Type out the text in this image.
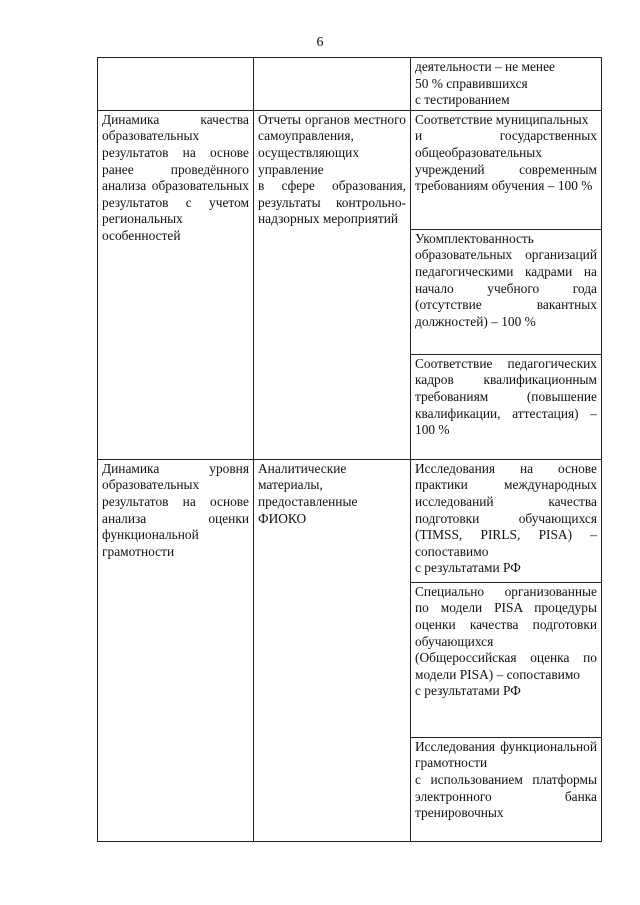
6

		деятельности – не менее
50 % справившихся
с тестированием

Динамика качества образовательных результатов на основе ранее проведённого анализа образовательных результатов с учетом региональных особенностей	Отчеты органов местного самоуправления, осуществляющих управление
в сфере образования, результаты контрольно-надзорных мероприятий	Соответствие муниципальных
и государственных общеобразовательных учреждений современным требованиям обучения – 100 %

		Укомплектованность образовательных организаций педагогическими кадрами на начало учебного года (отсутствие вакантных должностей) – 100 %

		Соответствие педагогических кадров квалификационным требованиям (повышение квалификации, аттестация) – 100 %

Динамика уровня образовательных результатов на основе анализа оценки функциональной грамотности	Аналитические материалы, предоставленные ФИОКО	Исследования на основе практики международных исследований качества подготовки обучающихся (TIMSS, PIRLS, PISA) – сопоставимо
с результатами РФ

		Специально организованные по модели PISA процедуры оценки качества подготовки обучающихся (Общероссийская оценка по модели PISA) – сопоставимо
с результатами РФ

		Исследования функциональной грамотности
с использованием платформы электронного банка тренировочных
